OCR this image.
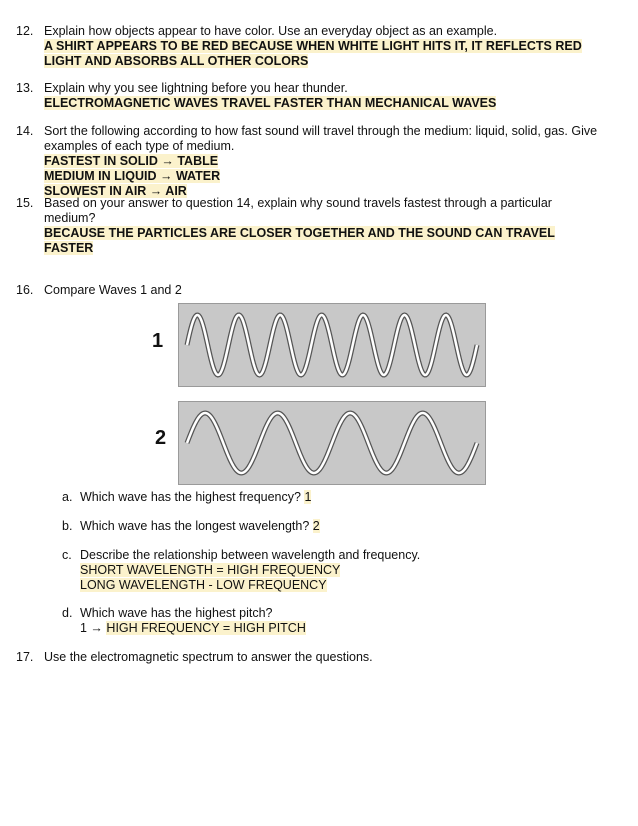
12. Explain how objects appear to have color. Use an everyday object as an example.
A SHIRT APPEARS TO BE RED BECAUSE WHEN WHITE LIGHT HITS IT, IT REFLECTS RED
LIGHT AND ABSORBS ALL OTHER COLORS
13. Explain why you see lightning before you hear thunder.
ELECTROMAGNETIC WAVES TRAVEL FASTER THAN MECHANICAL WAVES
14. Sort the following according to how fast sound will travel through the medium: liquid, solid, gas. Give
examples of each type of medium.
FASTEST IN SOLID → TABLE
MEDIUM IN LIQUID → WATER
SLOWEST IN AIR → AIR
15. Based on your answer to question 14, explain why sound travels fastest through a particular
medium?
BECAUSE THE PARTICLES ARE CLOSER TOGETHER AND THE SOUND CAN TRAVEL
FASTER
16. Compare Waves 1 and 2
1
2
a. Which wave has the highest frequency? 1
b. Which wave has the longest wavelength? 2
c. Describe the relationship between wavelength and frequency.
SHORT WAVELENGTH = HIGH FREQUENCY
LONG WAVELENGTH - LOW FREQUENCY
d. Which wave has the highest pitch?
1 → HIGH FREQUENCY = HIGH PITCH
17. Use the electromagnetic spectrum to answer the questions.
